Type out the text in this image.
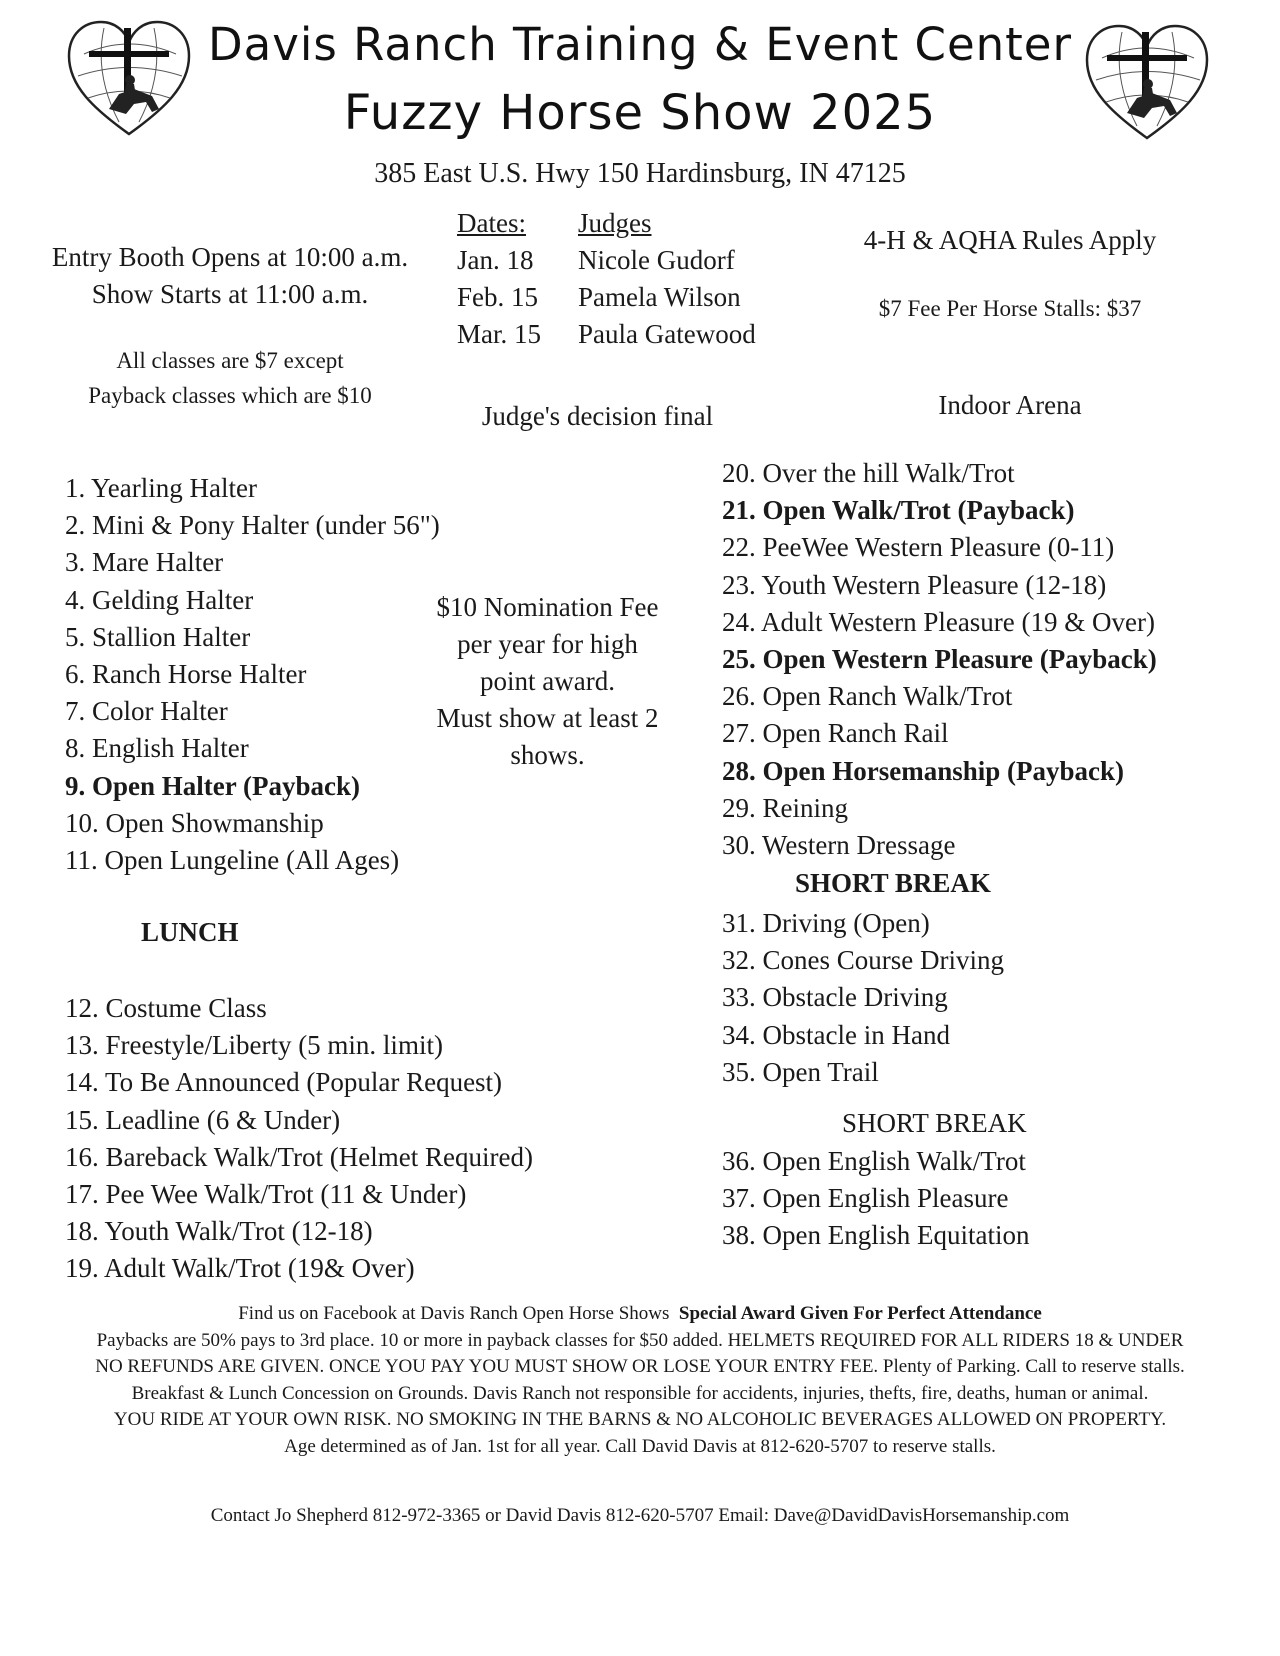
Davis Ranch Training & Event Center
Fuzzy Horse Show 2025
385 East U.S. Hwy 150 Hardinsburg, IN 47125
Entry Booth Opens at 10:00 a.m.
Show Starts at 11:00 a.m.
All classes are $7 except
Payback classes which are $10
Dates:
Jan. 18
Feb. 15
Mar. 15
Judges
Nicole Gudorf
Pamela Wilson
Paula Gatewood
Judge's decision final
4-H & AQHA Rules Apply
$7 Fee Per Horse Stalls: $37
Indoor Arena
$10 Nomination Fee
per year for high
point award.
Must show at least 2
shows.
1. Yearling Halter
2. Mini & Pony Halter (under 56")
3. Mare Halter
4. Gelding Halter
5. Stallion Halter
6. Ranch Horse Halter
7. Color Halter
8. English Halter
9. Open Halter (Payback)
10. Open Showmanship
11. Open Lungeline (All Ages)
LUNCH
12. Costume Class
13. Freestyle/Liberty (5 min. limit)
14. To Be Announced (Popular Request)
15. Leadline (6 & Under)
16. Bareback Walk/Trot (Helmet Required)
17. Pee Wee Walk/Trot (11 & Under)
18. Youth Walk/Trot (12-18)
19. Adult Walk/Trot (19& Over)
20. Over the hill Walk/Trot
21. Open Walk/Trot (Payback)
22. PeeWee Western Pleasure (0-11)
23. Youth Western Pleasure (12-18)
24. Adult Western Pleasure (19 & Over)
25. Open Western Pleasure (Payback)
26. Open Ranch Walk/Trot
27. Open Ranch Rail
28. Open Horsemanship (Payback)
29. Reining
30. Western Dressage
SHORT BREAK
31. Driving (Open)
32. Cones Course Driving
33. Obstacle Driving
34. Obstacle in Hand
35. Open Trail
SHORT BREAK
36. Open English Walk/Trot
37. Open English Pleasure
38. Open English Equitation
Find us on Facebook at Davis Ranch Open Horse Shows Special Award Given For Perfect Attendance
Paybacks are 50% pays to 3rd place. 10 or more in payback classes for $50 added. HELMETS REQUIRED FOR ALL RIDERS 18 & UNDER
NO REFUNDS ARE GIVEN. ONCE YOU PAY YOU MUST SHOW OR LOSE YOUR ENTRY FEE. Plenty of Parking. Call to reserve stalls.
Breakfast & Lunch Concession on Grounds. Davis Ranch not responsible for accidents, injuries, thefts, fire, deaths, human or animal.
YOU RIDE AT YOUR OWN RISK. NO SMOKING IN THE BARNS & NO ALCOHOLIC BEVERAGES ALLOWED ON PROPERTY.
Age determined as of Jan. 1st for all year. Call David Davis at 812-620-5707 to reserve stalls.
Contact Jo Shepherd 812-972-3365 or David Davis 812-620-5707 Email: Dave@DavidDavisHorsemanship.com
